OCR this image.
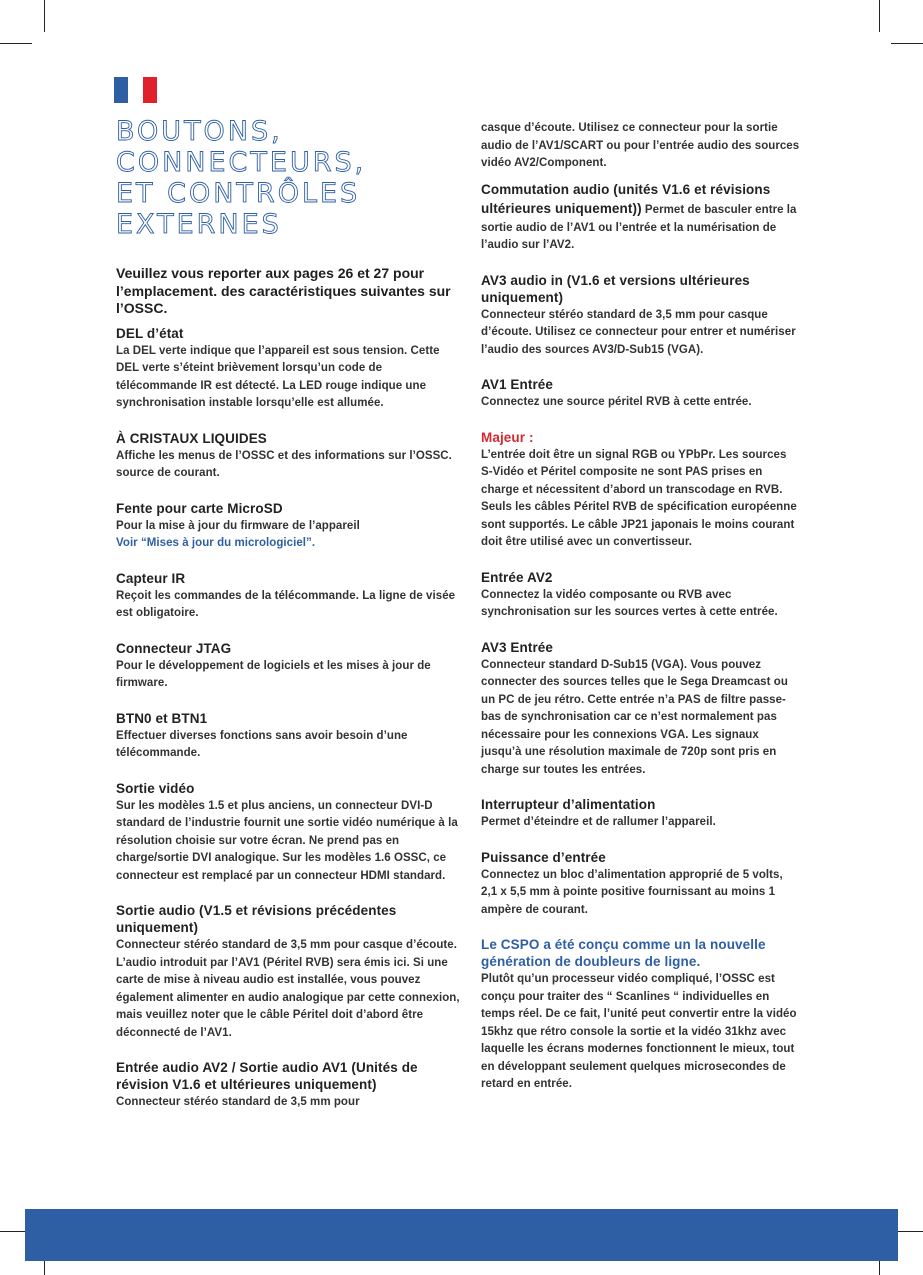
BOUTONS,
CONNECTEURS,
ET CONTRÔLES
EXTERNES

Veuillez vous reporter aux pages 26 et 27 pour l’emplacement. des caractéristiques suivantes sur l’OSSC.

DEL d’état

La DEL verte indique que l’appareil est sous tension. Cette DEL verte s’éteint brièvement lorsqu’un code de télécommande IR est détecté. La LED rouge indique une synchronisation instable lorsqu’elle est allumée.

À CRISTAUX LIQUIDES

Affiche les menus de l’OSSC et des informations sur l’OSSC. source de courant.

Fente pour carte MicroSD

Pour la mise à jour du firmware de l’appareil
Voir “Mises à jour du micrologiciel”.

Capteur IR

Reçoit les commandes de la télécommande. La ligne de visée est obligatoire.

Connecteur JTAG

Pour le développement de logiciels et les mises à jour de firmware.

BTN0 et BTN1

Effectuer diverses fonctions sans avoir besoin d’une télécommande.

Sortie vidéo

Sur les modèles 1.5 et plus anciens, un connecteur DVI-D standard de l’industrie fournit une sortie vidéo numérique à la résolution choisie sur votre écran. Ne prend pas en charge/sortie DVI analogique. Sur les modèles 1.6 OSSC, ce connecteur est remplacé par un connecteur HDMI standard.

Sortie audio (V1.5 et révisions précédentes uniquement)

Connecteur stéréo standard de 3,5 mm pour casque d’écoute. L’audio introduit par l’AV1 (Péritel RVB) sera émis ici. Si une carte de mise à niveau audio est installée, vous pouvez également alimenter en audio analogique par cette connexion, mais veuillez noter que le câble Péritel doit d’abord être déconnecté de l’AV1.

Entrée audio AV2 / Sortie audio AV1 (Unités de révision V1.6 et ultérieures uniquement)

Connecteur stéréo standard de 3,5 mm pour

casque d’écoute. Utilisez ce connecteur pour la sortie audio de l’AV1/SCART ou pour l’entrée audio des sources vidéo AV2/Component.

Commutation audio (unités V1.6 et révisions ultérieures uniquement)) Permet de basculer entre la sortie audio de l’AV1 ou l’entrée et la numérisation de l’audio sur l’AV2.

AV3 audio in (V1.6 et versions ultérieures uniquement)

Connecteur stéréo standard de 3,5 mm pour casque d’écoute. Utilisez ce connecteur pour entrer et numériser l’audio des sources AV3/D-Sub15 (VGA).

AV1 Entrée

Connectez une source péritel RVB à cette entrée.

Majeur :

L’entrée doit être un signal RGB ou YPbPr. Les sources S-Vidéo et Péritel composite ne sont PAS prises en charge et nécessitent d’abord un transcodage en RVB. Seuls les câbles Péritel RVB de spécification européenne sont supportés. Le câble JP21 japonais le moins courant doit être utilisé avec un convertisseur.

Entrée AV2

Connectez la vidéo composante ou RVB avec synchronisation sur les sources vertes à cette entrée.

AV3 Entrée

Connecteur standard D-Sub15 (VGA). Vous pouvez connecter des sources telles que le Sega Dreamcast ou un PC de jeu rétro. Cette entrée n’a PAS de filtre passe-bas de synchronisation car ce n’est normalement pas nécessaire pour les connexions VGA. Les signaux jusqu’à une résolution maximale de 720p sont pris en charge sur toutes les entrées.

Interrupteur d’alimentation

Permet d’éteindre et de rallumer l’appareil.

Puissance d’entrée

Connectez un bloc d’alimentation approprié de 5 volts, 2,1 x 5,5 mm à pointe positive fournissant au moins 1 ampère de courant.

Le CSPO a été conçu comme un la nouvelle génération de doubleurs de ligne.

Plutôt qu’un processeur vidéo compliqué, l’OSSC est conçu pour traiter des “ Scanlines “ individuelles en temps réel. De ce fait, l’unité peut convertir entre la vidéo 15khz que rétro console la sortie et la vidéo 31khz avec laquelle les écrans modernes fonctionnent le mieux, tout en développant seulement quelques microsecondes de retard en entrée.
